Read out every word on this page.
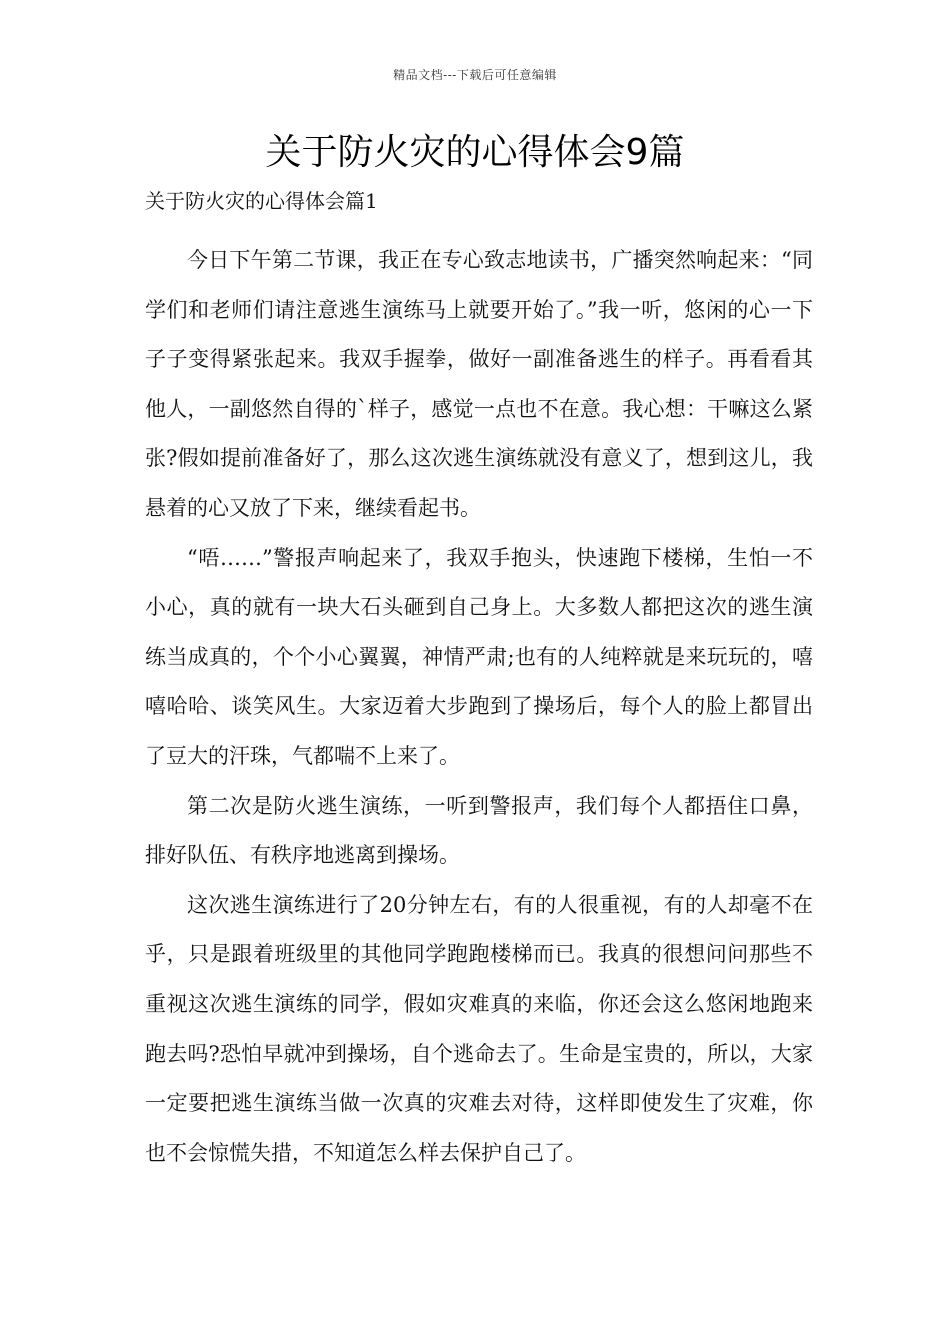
精品文档---下载后可任意编辑
关于防火灾的心得体会9篇
关于防火灾的心得体会篇1

今日下午第二节课，我正在专心致志地读书，广播突然响起来：“同学们和老师们请注意逃生演练马上就要开始了。”我一听，悠闲的心一下子子变得紧张起来。我双手握拳，做好一副准备逃生的样子。再看看其他人，一副悠然自得的`样子，感觉一点也不在意。我心想：干嘛这么紧张?假如提前准备好了，那么这次逃生演练就没有意义了，想到这儿，我悬着的心又放了下来，继续看起书。

“唔……”警报声响起来了，我双手抱头，快速跑下楼梯，生怕一不小心，真的就有一块大石头砸到自己身上。大多数人都把这次的逃生演练当成真的，个个小心翼翼，神情严肃;也有的人纯粹就是来玩玩的，嘻嘻哈哈、谈笑风生。大家迈着大步跑到了操场后，每个人的脸上都冒出了豆大的汗珠，气都喘不上来了。

第二次是防火逃生演练，一听到警报声，我们每个人都捂住口鼻，排好队伍、有秩序地逃离到操场。

这次逃生演练进行了20分钟左右，有的人很重视，有的人却毫不在乎，只是跟着班级里的其他同学跑跑楼梯而已。我真的很想问问那些不重视这次逃生演练的同学，假如灾难真的来临，你还会这么悠闲地跑来跑去吗?恐怕早就冲到操场，自个逃命去了。生命是宝贵的，所以，大家一定要把逃生演练当做一次真的灾难去对待，这样即使发生了灾难，你也不会惊慌失措，不知道怎么样去保护自己了。
